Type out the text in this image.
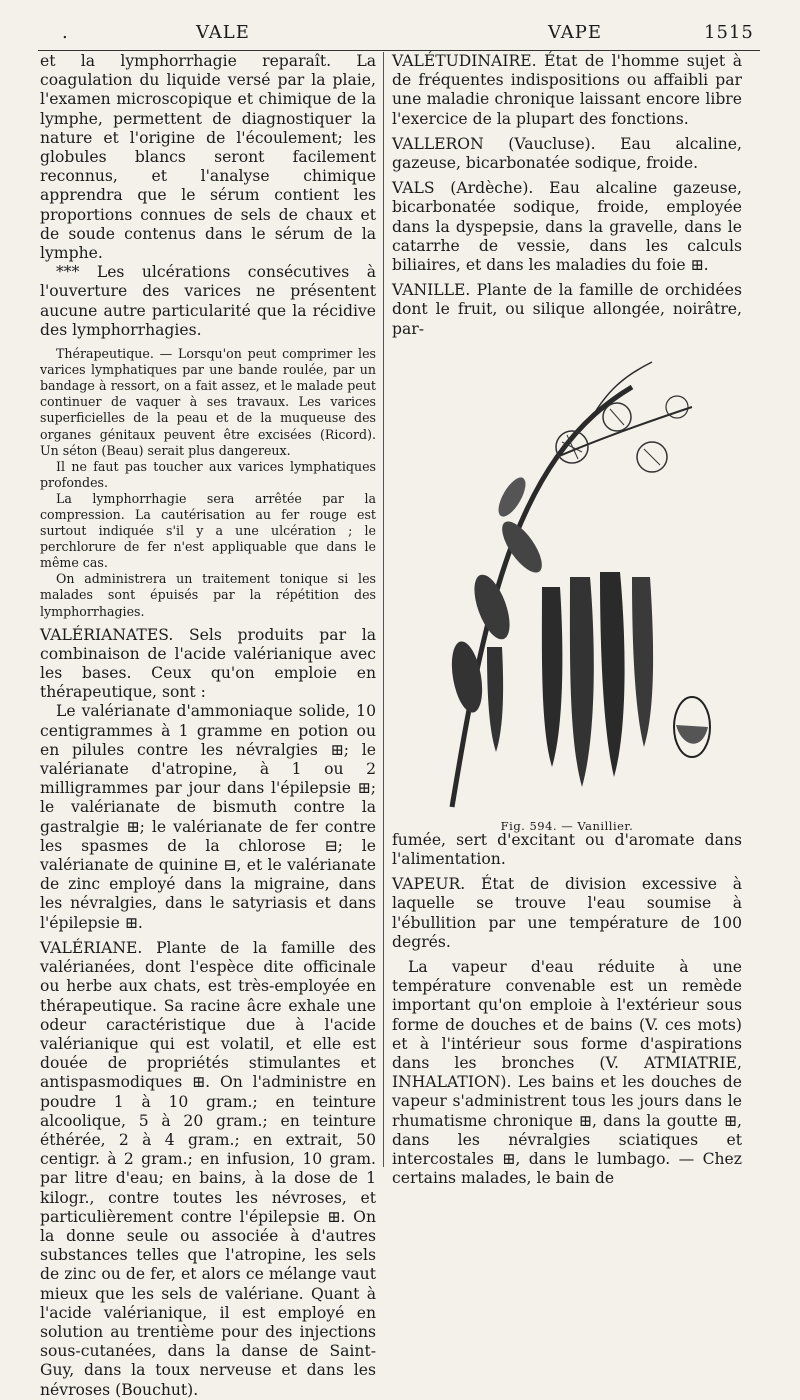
.	VALE	VAPE	1515

et la lymphorrhagie reparaît. La coagulation du liquide versé par la plaie, l'examen microscopique et chimique de la lymphe, permettent de diagnostiquer la nature et l'origine de l'écoulement; les globules blancs seront facilement reconnus, et l'analyse chimique apprendra que le sérum contient les proportions connues de sels de chaux et de soude contenus dans le sérum de la lymphe.

*** Les ulcérations consécutives à l'ouverture des varices ne présentent aucune autre particularité que la récidive des lymphorrhagies.

Thérapeutique. — Lorsqu'on peut comprimer les varices lymphatiques par une bande roulée, par un bandage à ressort, on a fait assez, et le malade peut continuer de vaquer à ses travaux. Les varices superficielles de la peau et de la muqueuse des organes génitaux peuvent être excisées (Ricord). Un séton (Beau) serait plus dangereux.

Il ne faut pas toucher aux varices lymphatiques profondes.

La lymphorrhagie sera arrêtée par la compression. La cautérisation au fer rouge est surtout indiquée s'il y a une ulcération ; le perchlorure de fer n'est appliquable que dans le même cas.

On administrera un traitement tonique si les malades sont épuisés par la répétition des lymphorrhagies.

VALÉRIANATES. Sels produits par la combinaison de l'acide valérianique avec les bases. Ceux qu'on emploie en thérapeutique, sont :

Le valérianate d'ammoniaque solide, 10 centigrammes à 1 gramme en potion ou en pilules contre les névralgies ⊞; le valérianate d'atropine, à 1 ou 2 milligrammes par jour dans l'épilepsie ⊞; le valérianate de bismuth contre la gastralgie ⊞; le valérianate de fer contre les spasmes de la chlorose ⊟; le valérianate de quinine ⊟, et le valérianate de zinc employé dans la migraine, dans les névralgies, dans le satyriasis et dans l'épilepsie ⊞.

VALÉRIANE. Plante de la famille des valérianées, dont l'espèce dite officinale ou herbe aux chats, est très-employée en thérapeutique. Sa racine âcre exhale une odeur caractéristique due à l'acide valérianique qui est volatil, et elle est douée de propriétés stimulantes et antispasmodiques ⊞. On l'administre en poudre 1 à 10 gram.; en teinture alcoolique, 5 à 20 gram.; en teinture éthérée, 2 à 4 gram.; en extrait, 50 centigr. à 2 gram.; en infusion, 10 gram. par litre d'eau; en bains, à la dose de 1 kilogr., contre toutes les névroses, et particulièrement contre l'épilepsie ⊞. On la donne seule ou associée à d'autres substances telles que l'atropine, les sels de zinc ou de fer, et alors ce mélange vaut mieux que les sels de valériane. Quant à l'acide valérianique, il est employé en solution au trentième pour des injections sous-cutanées, dans la danse de Saint-Guy, dans la toux nerveuse et dans les névroses (Bouchut).

VALÉTUDINAIRE. État de l'homme sujet à de fréquentes indispositions ou affaibli par une maladie chronique laissant encore libre l'exercice de la plupart des fonctions.

VALLERON (Vaucluse). Eau alcaline, gazeuse, bicarbonatée sodique, froide.

VALS (Ardèche). Eau alcaline gazeuse, bicarbonatée sodique, froide, employée dans la dyspepsie, dans la gravelle, dans le catarrhe de vessie, dans les calculs biliaires, et dans les maladies du foie ⊞.

VANILLE. Plante de la famille de orchidées dont le fruit, ou silique allongée, noirâtre, par-

Fig. 594. — Vanillier.

fumée, sert d'excitant ou d'aromate dans l'alimentation.

VAPEUR. État de division excessive à laquelle se trouve l'eau soumise à l'ébullition par une température de 100 degrés.

La vapeur d'eau réduite à une température convenable est un remède important qu'on emploie à l'extérieur sous forme de douches et de bains (V. ces mots) et à l'intérieur sous forme d'aspirations dans les bronches (V. ATMIATRIE, INHALATION). Les bains et les douches de vapeur s'administrent tous les jours dans le rhumatisme chronique ⊞, dans la goutte ⊞, dans les névralgies sciatiques et intercostales ⊞, dans le lumbago. — Chez certains malades, le bain de
